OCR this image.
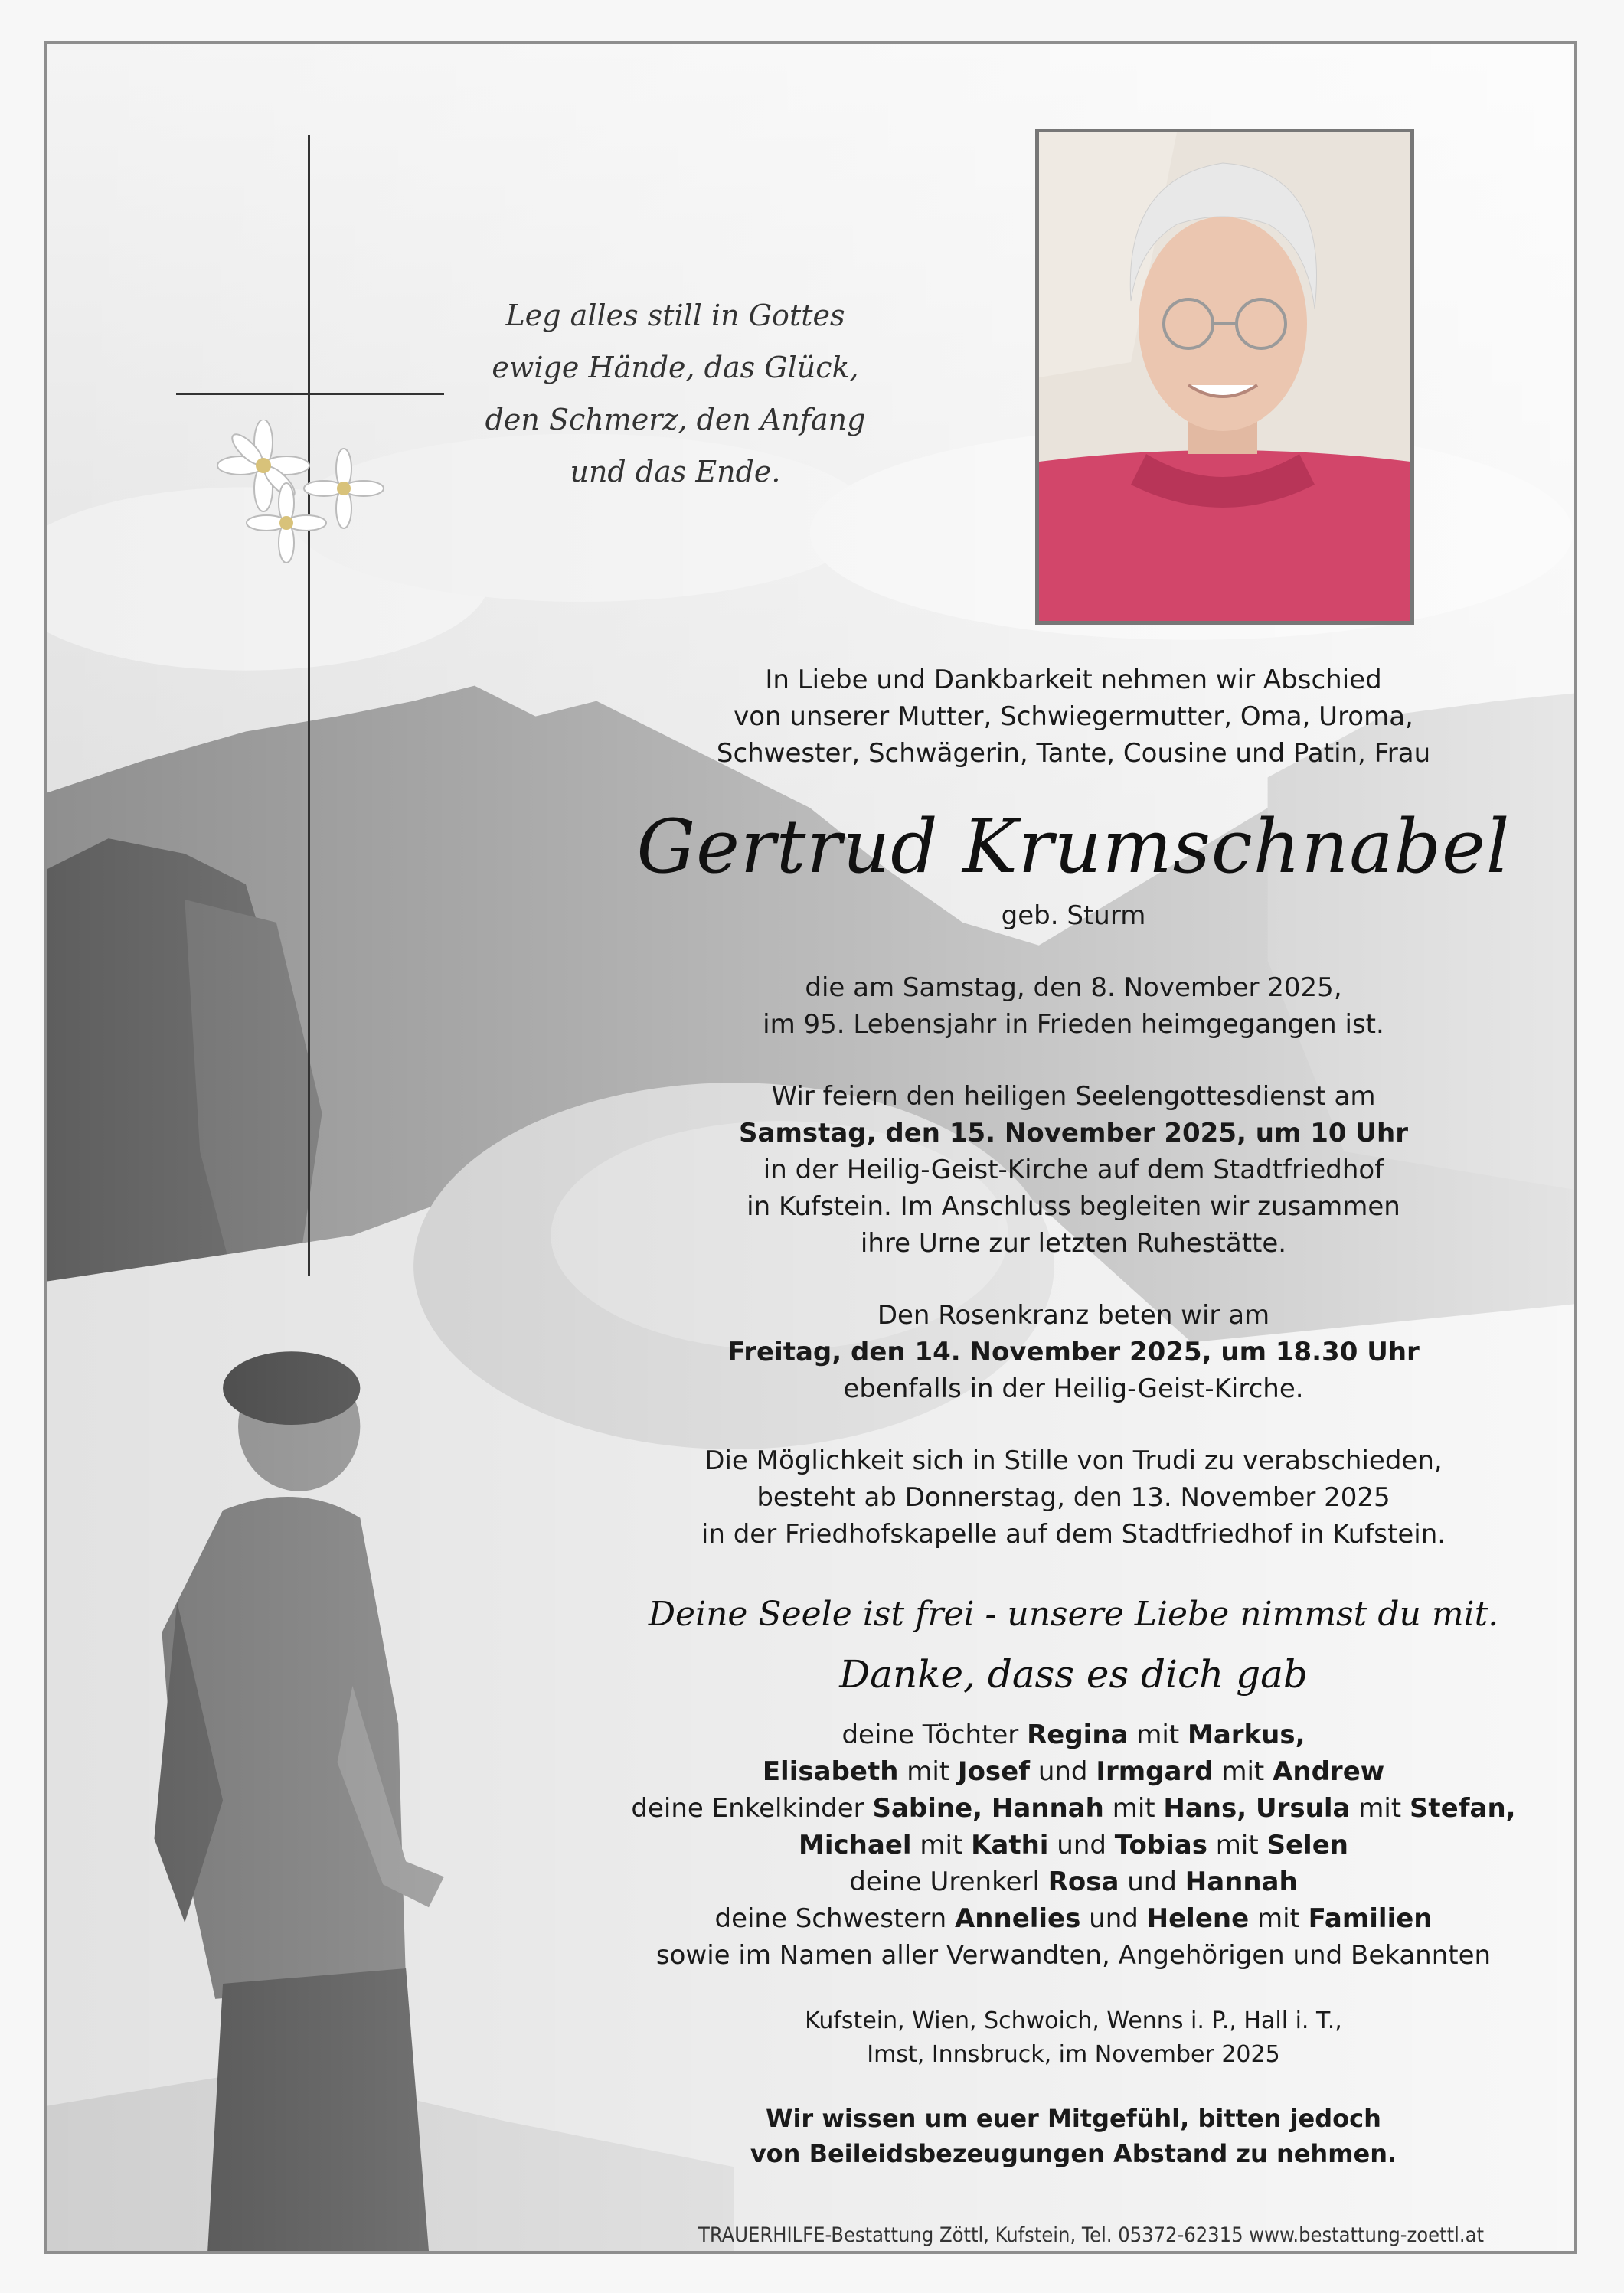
Leg alles still in Gottes
ewige Hände, das Glück,
den Schmerz, den Anfang
und das Ende.

In Liebe und Dankbarkeit nehmen wir Abschied

von unserer Mutter, Schwiegermutter, Oma, Uroma,

Schwester, Schwägerin, Tante, Cousine und Patin, Frau

Gertrud Krumschnabel

geb. Sturm

die am Samstag, den 8. November 2025,

im 95. Lebensjahr in Frieden heimgegangen ist.

Wir feiern den heiligen Seelengottesdienst am

Samstag, den 15. November 2025, um 10 Uhr

in der Heilig-Geist-Kirche auf dem Stadtfriedhof

in Kufstein. Im Anschluss begleiten wir zusammen

ihre Urne zur letzten Ruhestätte.

Den Rosenkranz beten wir am

Freitag, den 14. November 2025, um 18.30 Uhr

ebenfalls in der Heilig-Geist-Kirche.

Die Möglichkeit sich in Stille von Trudi zu verabschieden,

besteht ab Donnerstag, den 13. November 2025

in der Friedhofskapelle auf dem Stadtfriedhof in Kufstein.

Deine Seele ist frei - unsere Liebe nimmst du mit.

Danke, dass es dich gab

deine Töchter Regina mit Markus,

Elisabeth mit Josef und Irmgard mit Andrew

deine Enkelkinder Sabine, Hannah mit Hans, Ursula mit Stefan,

Michael mit Kathi und Tobias mit Selen

deine Urenkerl Rosa und Hannah

deine Schwestern Annelies und Helene mit Familien

sowie im Namen aller Verwandten, Angehörigen und Bekannten

Kufstein, Wien, Schwoich, Wenns i. P., Hall i. T.,

Imst, Innsbruck, im November 2025

Wir wissen um euer Mitgefühl, bitten jedoch

von Beileidsbezeugungen Abstand zu nehmen.

TRAUERHILFE-Bestattung Zöttl, Kufstein, Tel. 05372-62315 www.bestattung-zoettl.at
